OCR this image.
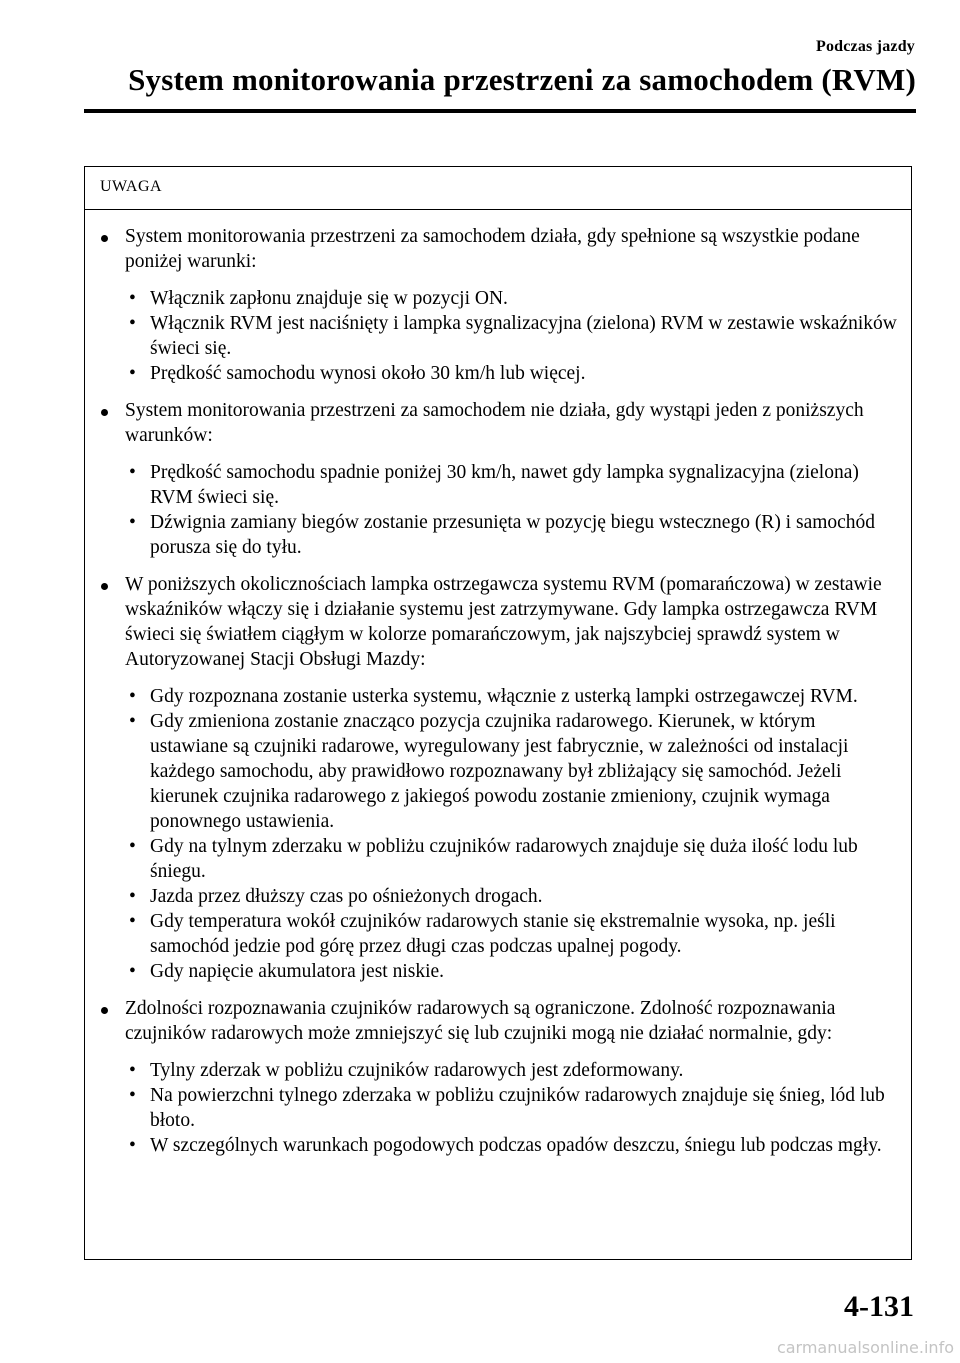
Podczas jazdy
System monitorowania przestrzeni za samochodem (RVM)
UWAGA

System monitorowania przestrzeni za samochodem działa, gdy spełnione są wszystkie podane poniżej warunki:

• Włącznik zapłonu znajduje się w pozycji ON.
• Włącznik RVM jest naciśnięty i lampka sygnalizacyjna (zielona) RVM w zestawie wskaźników świeci się.
• Prędkość samochodu wynosi około 30 km/h lub więcej.

System monitorowania przestrzeni za samochodem nie działa, gdy wystąpi jeden z poniższych warunków:

• Prędkość samochodu spadnie poniżej 30 km/h, nawet gdy lampka sygnalizacyjna (zielona) RVM świeci się.
• Dźwignia zamiany biegów zostanie przesunięta w pozycję biegu wstecznego (R) i samochód porusza się do tyłu.

W poniższych okolicznościach lampka ostrzegawcza systemu RVM (pomarańczowa) w zestawie wskaźników włączy się i działanie systemu jest zatrzymywane. Gdy lampka ostrzegawcza RVM świeci się światłem ciągłym w kolorze pomarańczowym, jak najszybciej sprawdź system w Autoryzowanej Stacji Obsługi Mazdy:

• Gdy rozpoznana zostanie usterka systemu, włącznie z usterką lampki ostrzegawczej RVM.
• Gdy zmieniona zostanie znacząco pozycja czujnika radarowego. Kierunek, w którym ustawiane są czujniki radarowe, wyregulowany jest fabrycznie, w zależności od instalacji każdego samochodu, aby prawidłowo rozpoznawany był zbliżający się samochód. Jeżeli kierunek czujnika radarowego z jakiegoś powodu zostanie zmieniony, czujnik wymaga ponownego ustawienia.
• Gdy na tylnym zderzaku w pobliżu czujników radarowych znajduje się duża ilość lodu lub śniegu.
• Jazda przez dłuższy czas po ośnieżonych drogach.
• Gdy temperatura wokół czujników radarowych stanie się ekstremalnie wysoka, np. jeśli samochód jedzie pod górę przez długi czas podczas upalnej pogody.
• Gdy napięcie akumulatora jest niskie.

Zdolności rozpoznawania czujników radarowych są ograniczone. Zdolność rozpoznawania czujników radarowych może zmniejszyć się lub czujniki mogą nie działać normalnie, gdy:

• Tylny zderzak w pobliżu czujników radarowych jest zdeformowany.
• Na powierzchni tylnego zderzaka w pobliżu czujników radarowych znajduje się śnieg, lód lub błoto.
• W szczególnych warunkach pogodowych podczas opadów deszczu, śniegu lub podczas mgły.
4-131
carmanualsonline.info
